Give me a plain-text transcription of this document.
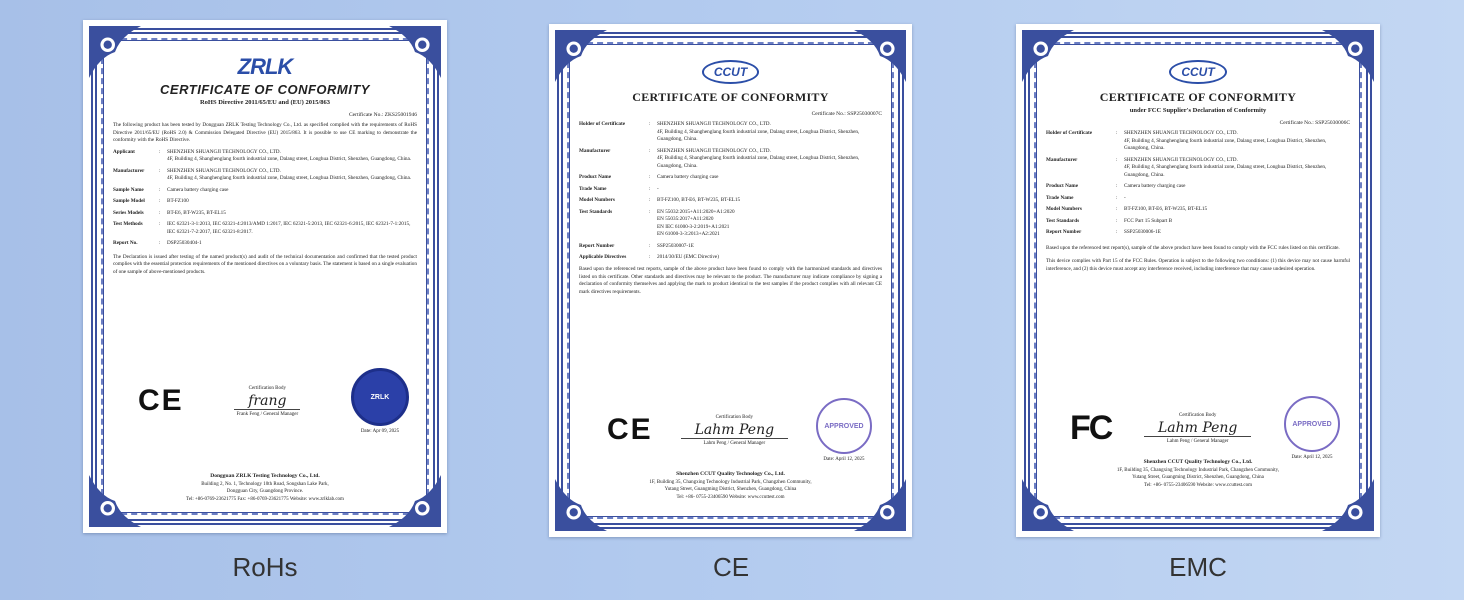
ZRLK
CERTIFICATE OF CONFORMITY
RoHS Directive 2011/65/EU and (EU) 2015/863
Certificate No.: ZKS25001946
The following product has been tested by Dongguan ZRLK Testing Technology Co., Ltd. as specified complied with the requirements of RoHS Directive 2011/65/EU (RoHS 2.0) & Commission Delegated Directive (EU) 2015/863. It is possible to use CE marking to demonstrate the conformity with the RoHS Directive.
Applicant	:	SHENZHEN SHUANGJI TECHNOLOGY CO., LTD.
4F, Building 4, Shanghenglang fourth industrial zone, Dalang street, Longhua District, Shenzhen, Guangdong, China.
Manufacturer	:	SHENZHEN SHUANGJI TECHNOLOGY CO., LTD.
4F, Building 4, Shanghenglang fourth industrial zone, Dalang street, Longhua District, Shenzhen, Guangdong, China.
Sample Name	:	Camera battery charging case
Sample Model	:	BT-FZ100
Series Models	:	BT-E6, BT-W235, BT-EL15
Test Methods	:	IEC 62321-3-1:2013, IEC 62321-4:2013/AMD 1:2017, IEC 62321-5:2013, IEC 62321-6:2015, IEC 62321-7-1:2015, IEC 62321-7-2:2017, IEC 62321-8:2017.
Report No.	:	DSP25030404-1
The Declaration is issued after testing of the named product(s) and audit of the technical documentation and confirmed that the tested product complies with the essential protection requirements of the mentioned directives on a voluntary basis. The statement is based on a single evaluation of one sample of above-mentioned products.
CE	Certification Body
frang
Frank Feng / General Manager
ZRLK
Date: Apr 09, 2025
Dongguan ZRLK Testing Technology Co., Ltd.
Building 2, No. 1, Technology 10th Road, Songshan Lake Park,
Dongguan City, Guangdong Province.
Tel: +86-0769-23621775 Fax: +86-0769-23621775 Website: www.zrlklab.com
CCUT
CERTIFICATE OF CONFORMITY
Certificate No.: SSP25030007C
Holder of Certificate	:	SHENZHEN SHUANGJI TECHNOLOGY CO., LTD.
4F, Building 4, Shanghenglang fourth industrial zone, Dalang street, Longhua District, Shenzhen, Guangdong, China.
Manufacturer	:	SHENZHEN SHUANGJI TECHNOLOGY CO., LTD.
4F, Building 4, Shanghenglang fourth industrial zone, Dalang street, Longhua District, Shenzhen, Guangdong, China.
Product Name	:	Camera battery charging case
Trade Name	:	-
Model Numbers	:	BT-FZ100, BT-E6, BT-W235, BT-EL15
Test Standards	:	EN 55032:2015+A11:2020+A1:2020
EN 55035:2017+A11:2020
EN IEC 61000-3-2:2019+A1:2021
EN 61000-3-3:2013+A2:2021
Report Number	:	SSP25030007-1E
Applicable Directives	:	2014/30/EU (EMC Directive)
Based upon the referenced test reports, sample of the above product have been found to comply with the harmonized standards and directives listed on this certificate. Other standards and directives may be relevant to the product. The manufacturer may indicate compliance by signing a declaration of conformity themselves and applying the mark to product identical to the test samples if the product complies with all relevant CE mark directives requirements.
CE	Certification Body
Lahm Peng
Lahm Peng / General Manager
APPROVED
Date: April 12, 2025
Shenzhen CCUT Quality Technology Co., Ltd.
1F, Building 35, Changxing Technology Industrial Park, Changzhen Community,
Yutang Street, Guangming District, Shenzhen, Guangdong, China
Tel: +86- 0755-23406590 Website: www.ccuttest.com
CCUT
CERTIFICATE OF CONFORMITY
under FCC Supplier's Declaration of Conformity
Certificate No.: SSP25030006C
Holder of Certificate	:	SHENZHEN SHUANGJI TECHNOLOGY CO., LTD.
4F, Building 4, Shanghenglang fourth industrial zone, Dalang street, Longhua District, Shenzhen, Guangdong, China.
Manufacturer	:	SHENZHEN SHUANGJI TECHNOLOGY CO., LTD.
4F, Building 4, Shanghenglang fourth industrial zone, Dalang street, Longhua District, Shenzhen, Guangdong, China.
Product Name	:	Camera battery charging case
Trade Name	:	-
Model Numbers	:	BT-FZ100, BT-E6, BT-W235, BT-EL15
Test Standards	:	FCC Part 15 Subpart B
Report Number	:	SSP25030006-1E
Based upon the referenced test report(s), sample of the above product have been found to comply with the FCC rules listed on this certificate.
This device complies with Part 15 of the FCC Rules. Operation is subject to the following two conditions: (1) this device may not cause harmful interference, and (2) this device must accept any interference received, including interference that may cause undesired operation.
FC	Certification Body
Lahm Peng
Lahm Peng / General Manager
APPROVED
Date: April 12, 2025
Shenzhen CCUT Quality Technology Co., Ltd.
1F, Building 35, Changxing Technology Industrial Park, Changzhen Community,
Yutang Street, Guangming District, Shenzhen, Guangdong, China
Tel: +86- 0755-23406590 Website: www.ccuttest.com
RoHs	CE	EMC
